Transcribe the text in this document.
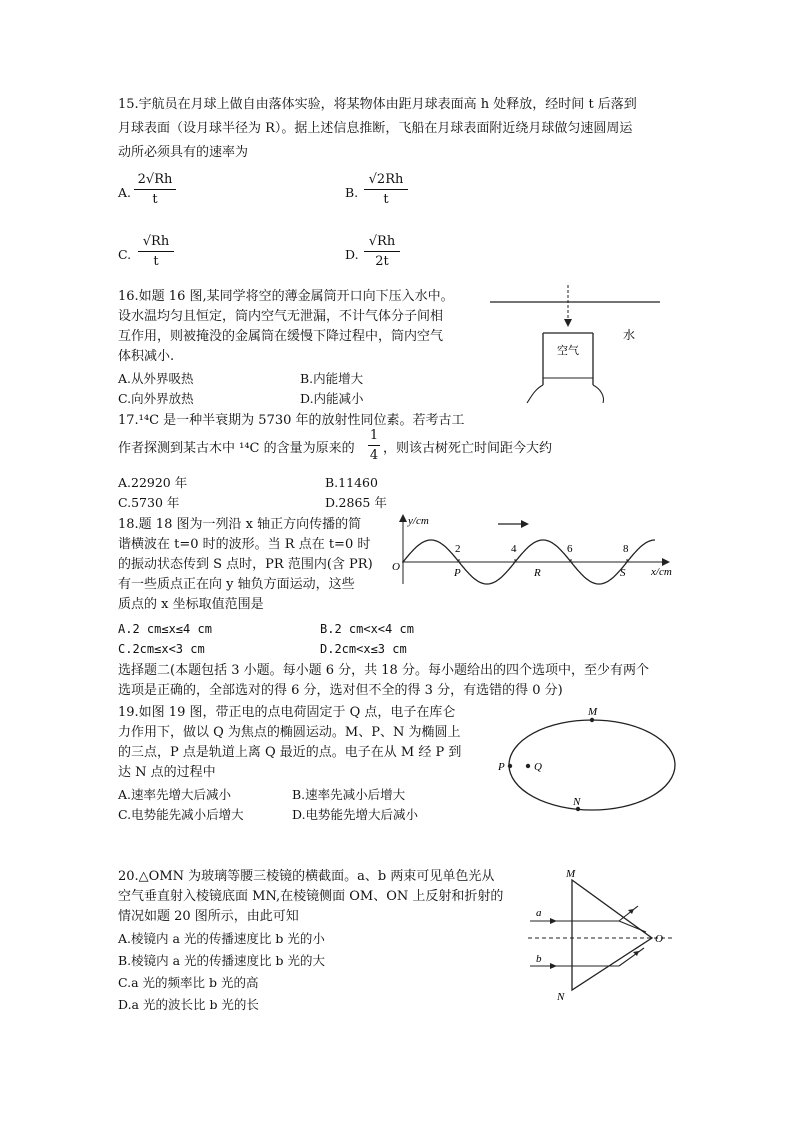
15.宇航员在月球上做自由落体实验，将某物体由距月球表面高 h 处释放，经时间 t 后落到
月球表面（设月球半径为 R）。据上述信息推断，飞船在月球表面附近绕月球做匀速圆周运
动所必须具有的速率为
A.
2√Rh
t	B.
√2Rh
t
C.
√Rh
t	D.
√Rh
2t
16.如题 16 图,某同学将空的薄金属筒开口向下压入水中。
设水温均匀且恒定，筒内空气无泄漏，不计气体分子间相
互作用，则被掩没的金属筒在缓慢下降过程中，筒内空气
体积减小.
A.从外界吸热	B.内能增大
C.向外界放热	D.内能减小
空气
水
17.¹⁴C 是一种半衰期为 5730 年的放射性同位素。若考古工
作者探测到某古木中 ¹⁴C 的含量为原来的
1
4 ，则该古树死亡时间距今大约
A.22920 年	B.11460
C.5730 年	D.2865 年
18.题 18 图为一列沿 x 轴正方向传播的简
谐横波在 t=0 时的波形。当 R 点在 t=0 时
的振动状态传到 S 点时，PR 范围内(含 PR)
有一些质点正在向 y 轴负方面运动，这些
质点的 x 坐标取值范围是
A.2 cm≤x≤4 cm	B.2 cm<x<4 cm
C.2cm≤x<3 cm	D.2cm<x≤3 cm
y/cm
x/cm
O
2	4	6	8
P	R	S
选择题二(本题包括 3 小题。每小题 6 分，共 18 分。每小题给出的四个选项中，至少有两个
选项是正确的，全部选对的得 6 分，选对但不全的得 3 分，有选错的得 0 分)
19.如图 19 图，带正电的点电荷固定于 Q 点，电子在库仑
力作用下，做以 Q 为焦点的椭圆运动。M、P、N 为椭圆上
的三点，P 点是轨道上离 Q 最近的点。电子在从 M 经 P 到
达 N 点的过程中
A.速率先增大后减小	B.速率先减小后增大
C.电势能先减小后增大	D.电势能先增大后减小
M
P	Q
N
20.△OMN 为玻璃等腰三棱镜的横截面。a、b 两束可见单色光从
空气垂直射入棱镜底面 MN,在棱镜侧面 OM、ON 上反射和折射的
情况如题 20 图所示，由此可知
A.棱镜内 a 光的传播速度比 b 光的小
B.棱镜内 a 光的传播速度比 b 光的大
C.a 光的频率比 b 光的高
D.a 光的波长比 b 光的长
M
N
O
a
b
